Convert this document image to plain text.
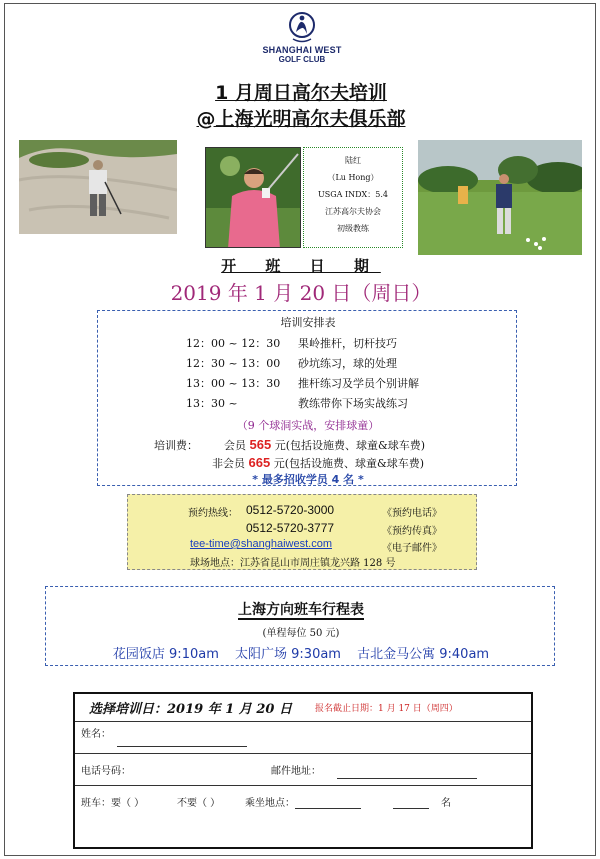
SHANGHAI WEST
GOLF CLUB
1 月周日高尔夫培训
@上海光明高尔夫俱乐部
陆红
（Lu Hong）
USGA INDX：5.4
江苏高尔夫协会
初级教练
开 班 日 期
2019 年 1 月 20 日（周日）
培训安排表
12：00 ~ 12：30 果岭推杆，切杆技巧
12：30 ~ 13：00 砂坑练习，球的处理
13：00 ~ 13：30 推杆练习及学员个别讲解
13：30 ~	教练带你下场实战练习
（9 个球洞实战，安排球童）
培训费： 会员 565 元(包括设施费、球童&球车费)
非会员 665 元(包括设施费、球童&球车费)
* 最多招收学员 4 名 *
预约热线： 0512-5720-3000	《预约电话》
0512-5720-3777	《预约传真》
tee-time@shanghaiwest.com	《电子邮件》
球场地点：江苏省昆山市周庄镇龙兴路 128 号
上海方向班车行程表
(单程每位 50 元)
花园饭店 9:10am 太阳广场 9:30am 古北金马公寓 9:40am
选择培训日：2019 年 1 月 20 日	报名截止日期：1 月 17 日（周四）
姓名：
电话号码：	邮件地址：
班车：要（ ）	不要（ ） 乘坐地点：	名
